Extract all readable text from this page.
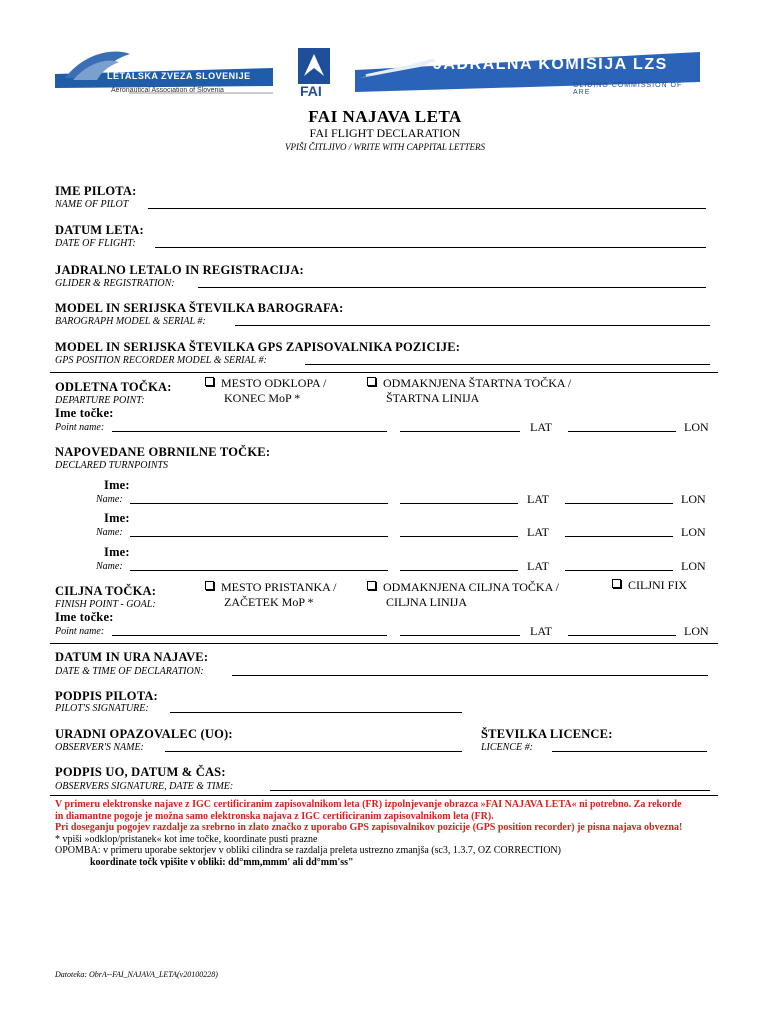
LETALSKA ZVEZA SLOVENIJE
Aeronautical Association of Slovenia	FAI
JADRALNA KOMISIJA LZS
GLIDING COMMISSION OF ARE
FAI NAJAVA LETA
FAI FLIGHT DECLARATION
VPIŠI ČITLJIVO / WRITE WITH CAPPITAL LETTERS
IME PILOTA:
NAME OF PILOT
DATUM LETA:
DATE OF FLIGHT:
JADRALNO LETALO IN REGISTRACIJA:
GLIDER & REGISTRATION:
MODEL IN SERIJSKA ŠTEVILKA BAROGRAFA:
BAROGRAPH MODEL & SERIAL #:
MODEL IN SERIJSKA ŠTEVILKA GPS ZAPISOVALNIKA POZICIJE:
GPS POSITION RECORDER MODEL & SERIAL #:
ODLETNA TOČKA:
DEPARTURE POINT:
MESTO ODKLOPA /
KONEC MoP *
ODMAKNJENA ŠTARTNA TOČKA /
ŠTARTNA LINIJA
Ime točke:
Point name:	LAT	LON
NAPOVEDANE OBRNILNE TOČKE:
DECLARED TURNPOINTS
Ime:
Name:	LAT	LON
Ime:
Name:	LAT	LON
Ime:
Name:	LAT	LON
CILJNA TOČKA:
FINISH POINT - GOAL:
MESTO PRISTANKA /
ZAČETEK MoP *
ODMAKNJENA CILJNA TOČKA /
CILJNA LINIJA
CILJNI FIX
Ime točke:
Point name:	LAT	LON
DATUM IN URA NAJAVE:
DATE & TIME OF DECLARATION:
PODPIS PILOTA:
PILOT'S SIGNATURE:
URADNI OPAZOVALEC (UO):
OBSERVER'S NAME:
ŠTEVILKA LICENCE:
LICENCE #:
PODPIS UO, DATUM & ČAS:
OBSERVERS SIGNATURE, DATE & TIME:
V primeru elektronske najave z IGC certificiranim zapisovalnikom leta (FR) izpolnjevanje obrazca »FAI NAJAVA LETA« ni potrebno. Za rekorde
in diamantne pogoje je možna samo elektronska najava z IGC certificiranim zapisovalnikom leta (FR).
Pri doseganju pogojev razdalje za srebrno in zlato značko z uporabo GPS zapisovalnikov pozicije (GPS position recorder) je pisna najava obvezna!
* vpiši »odklop/pristanek« kot ime točke, koordinate pusti prazne
OPOMBA: v primeru uporabe sektorjev v obliki cilindra se razdalja preleta ustrezno zmanjša (sc3, 1.3.7, OZ CORRECTION)
koordinate točk vpišite v obliki: dd°mm,mmm' ali dd°mm'ss"
Datoteka: ObrA--FAI_NAJAVA_LETA(v20100228)
